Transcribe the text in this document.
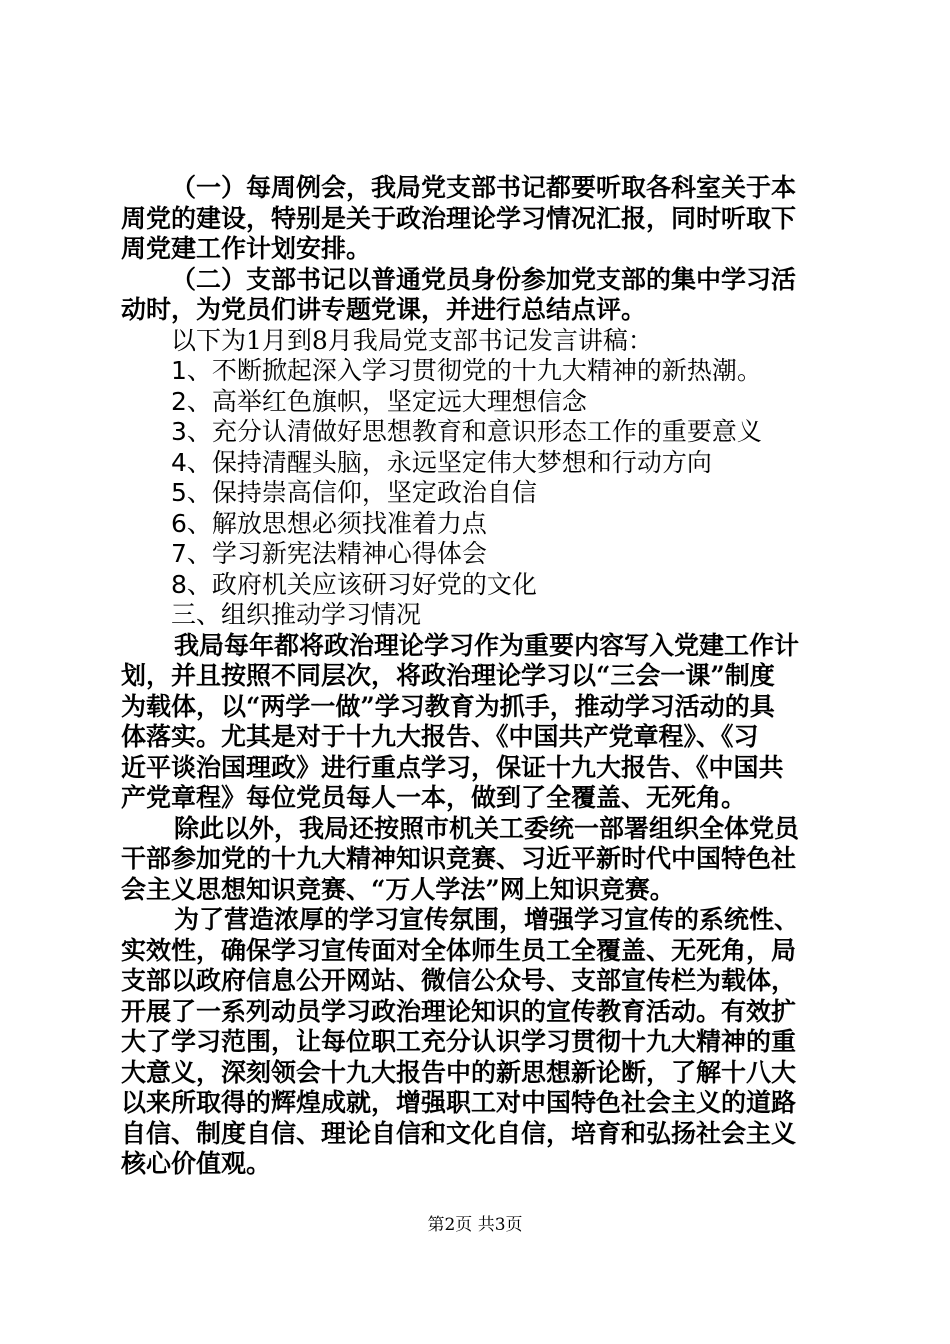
（一）每周例会，我局党支部书记都要听取各科室关于本
周党的建设，特别是关于政治理论学习情况汇报，同时听取下
周党建工作计划安排。
（二）支部书记以普通党员身份参加党支部的集中学习活
动时，为党员们讲专题党课，并进行总结点评。
以下为1月到8月我局党支部书记发言讲稿：
1、不断掀起深入学习贯彻党的十九大精神的新热潮。
2、高举红色旗帜，坚定远大理想信念
3、充分认清做好思想教育和意识形态工作的重要意义
4、保持清醒头脑，永远坚定伟大梦想和行动方向
5、保持崇高信仰，坚定政治自信
6、解放思想必须找准着力点
7、学习新宪法精神心得体会
8、政府机关应该研习好党的文化
三、组织推动学习情况
我局每年都将政治理论学习作为重要内容写入党建工作计
划，并且按照不同层次，将政治理论学习以“三会一课”制度
为载体，以“两学一做”学习教育为抓手，推动学习活动的具
体落实。尤其是对于十九大报告、《中国共产党章程》、《习
近平谈治国理政》进行重点学习，保证十九大报告、《中国共
产党章程》每位党员每人一本，做到了全覆盖、无死角。
除此以外，我局还按照市机关工委统一部署组织全体党员
干部参加党的十九大精神知识竞赛、习近平新时代中国特色社
会主义思想知识竞赛、“万人学法”网上知识竞赛。
为了营造浓厚的学习宣传氛围，增强学习宣传的系统性、
实效性，确保学习宣传面对全体师生员工全覆盖、无死角，局
支部以政府信息公开网站、微信公众号、支部宣传栏为载体，
开展了一系列动员学习政治理论知识的宣传教育活动。有效扩
大了学习范围，让每位职工充分认识学习贯彻十九大精神的重
大意义，深刻领会十九大报告中的新思想新论断，了解十八大
以来所取得的辉煌成就，增强职工对中国特色社会主义的道路
自信、制度自信、理论自信和文化自信，培育和弘扬社会主义
核心价值观。
第2页 共3页
